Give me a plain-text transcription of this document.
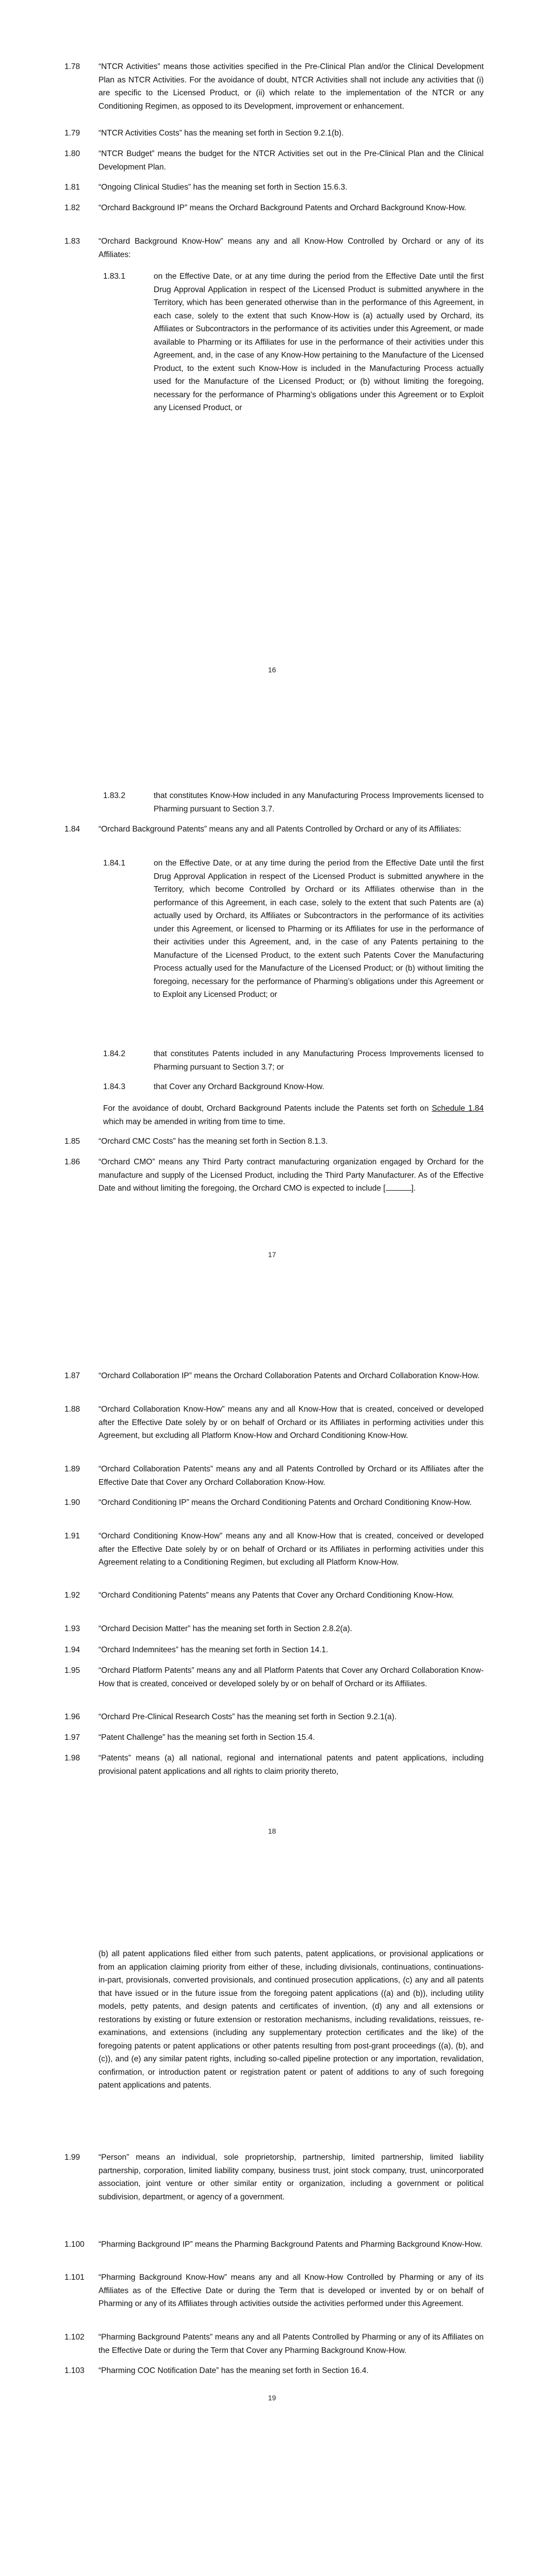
1.78 “NTCR Activities” means those activities specified in the Pre-Clinical Plan and/or the Clinical Development Plan as NTCR Activities. For the avoidance of doubt, NTCR Activities shall not include any activities that (i) are specific to the Licensed Product, or (ii) which relate to the implementation of the NTCR or any Conditioning Regimen, as opposed to its Development, improvement or enhancement.
1.79 “NTCR Activities Costs” has the meaning set forth in Section 9.2.1(b).
1.80 “NTCR Budget” means the budget for the NTCR Activities set out in the Pre-Clinical Plan and the Clinical Development Plan.
1.81 “Ongoing Clinical Studies” has the meaning set forth in Section 15.6.3.
1.82 “Orchard Background IP” means the Orchard Background Patents and Orchard Background Know-How.
1.83 “Orchard Background Know-How” means any and all Know-How Controlled by Orchard or any of its Affiliates:
1.83.1	on the Effective Date, or at any time during the period from the Effective Date until the first Drug Approval Application in respect of the Licensed Product is submitted anywhere in the Territory, which has been generated otherwise than in the performance of this Agreement, in each case, solely to the extent that such Know-How is (a) actually used by Orchard, its Affiliates or Subcontractors in the performance of its activities under this Agreement, or made available to Pharming or its Affiliates for use in the performance of their activities under this Agreement, and, in the case of any Know-How pertaining to the Manufacture of the Licensed Product, to the extent such Know-How is included in the Manufacturing Process actually used for the Manufacture of the Licensed Product; or (b) without limiting the foregoing, necessary for the performance of Pharming’s obligations under this Agreement or to Exploit any Licensed Product, or
16
1.83.2	that constitutes Know-How included in any Manufacturing Process Improvements licensed to Pharming pursuant to Section 3.7.
1.84 “Orchard Background Patents” means any and all Patents Controlled by Orchard or any of its Affiliates:
1.84.1	on the Effective Date, or at any time during the period from the Effective Date until the first Drug Approval Application in respect of the Licensed Product is submitted anywhere in the Territory, which become Controlled by Orchard or its Affiliates otherwise than in the performance of this Agreement, in each case, solely to the extent that such Patents are (a) actually used by Orchard, its Affiliates or Subcontractors in the performance of its activities under this Agreement, or licensed to Pharming or its Affiliates for use in the performance of their activities under this Agreement, and, in the case of any Patents pertaining to the Manufacture of the Licensed Product, to the extent such Patents Cover the Manufacturing Process actually used for the Manufacture of the Licensed Product; or (b) without limiting the foregoing, necessary for the performance of Pharming’s obligations under this Agreement or to Exploit any Licensed Product; or
1.84.2	that constitutes Patents included in any Manufacturing Process Improvements licensed to Pharming pursuant to Section 3.7; or
1.84.3	that Cover any Orchard Background Know-How.
For the avoidance of doubt, Orchard Background Patents include the Patents set forth on Schedule 1.84 which may be amended in writing from time to time.
1.85 “Orchard CMC Costs” has the meaning set forth in Section 8.1.3.
1.86 “Orchard CMO” means any Third Party contract manufacturing organization engaged by Orchard for the manufacture and supply of the Licensed Product, including the Third Party Manufacturer. As of the Effective Date and without limiting the foregoing, the Orchard CMO is expected to include [	].
17
1.87 “Orchard Collaboration IP” means the Orchard Collaboration Patents and Orchard Collaboration Know-How.
1.88 “Orchard Collaboration Know-How” means any and all Know-How that is created, conceived or developed after the Effective Date solely by or on behalf of Orchard or its Affiliates in performing activities under this Agreement, but excluding all Platform Know-How and Orchard Conditioning Know-How.
1.89 “Orchard Collaboration Patents” means any and all Patents Controlled by Orchard or its Affiliates after the Effective Date that Cover any Orchard Collaboration Know-How.
1.90 “Orchard Conditioning IP” means the Orchard Conditioning Patents and Orchard Conditioning Know-How.
1.91 “Orchard Conditioning Know-How” means any and all Know-How that is created, conceived or developed after the Effective Date solely by or on behalf of Orchard or its Affiliates in performing activities under this Agreement relating to a Conditioning Regimen, but excluding all Platform Know-How.
1.92 “Orchard Conditioning Patents” means any Patents that Cover any Orchard Conditioning Know-How.
1.93 “Orchard Decision Matter” has the meaning set forth in Section 2.8.2(a).
1.94 “Orchard Indemnitees” has the meaning set forth in Section 14.1.
1.95 “Orchard Platform Patents” means any and all Platform Patents that Cover any Orchard Collaboration Know-How that is created, conceived or developed solely by or on behalf of Orchard or its Affiliates.
1.96 “Orchard Pre-Clinical Research Costs” has the meaning set forth in Section 9.2.1(a).
1.97 “Patent Challenge” has the meaning set forth in Section 15.4.
1.98 “Patents” means (a) all national, regional and international patents and patent applications, including provisional patent applications and all rights to claim priority thereto,
18
(b) all patent applications filed either from such patents, patent applications, or provisional applications or from an application claiming priority from either of these, including divisionals, continuations, continuations-in-part, provisionals, converted provisionals, and continued prosecution applications, (c) any and all patents that have issued or in the future issue from the foregoing patent applications ((a) and (b)), including utility models, petty patents, and design patents and certificates of invention, (d) any and all extensions or restorations by existing or future extension or restoration mechanisms, including revalidations, reissues, re-examinations, and extensions (including any supplementary protection certificates and the like) of the foregoing patents or patent applications or other patents resulting from post-grant proceedings ((a), (b), and (c)), and (e) any similar patent rights, including so-called pipeline protection or any importation, revalidation, confirmation, or introduction patent or registration patent or patent of additions to any of such foregoing patent applications and patents.
1.99 “Person” means an individual, sole proprietorship, partnership, limited partnership, limited liability partnership, corporation, limited liability company, business trust, joint stock company, trust, unincorporated association, joint venture or other similar entity or organization, including a government or political subdivision, department, or agency of a government.
1.100 “Pharming Background IP” means the Pharming Background Patents and Pharming Background Know-How.
1.101 “Pharming Background Know-How” means any and all Know-How Controlled by Pharming or any of its Affiliates as of the Effective Date or during the Term that is developed or invented by or on behalf of Pharming or any of its Affiliates through activities outside the activities performed under this Agreement.
1.102 “Pharming Background Patents” means any and all Patents Controlled by Pharming or any of its Affiliates on the Effective Date or during the Term that Cover any Pharming Background Know-How.
1.103 “Pharming COC Notification Date” has the meaning set forth in Section 16.4.
19
